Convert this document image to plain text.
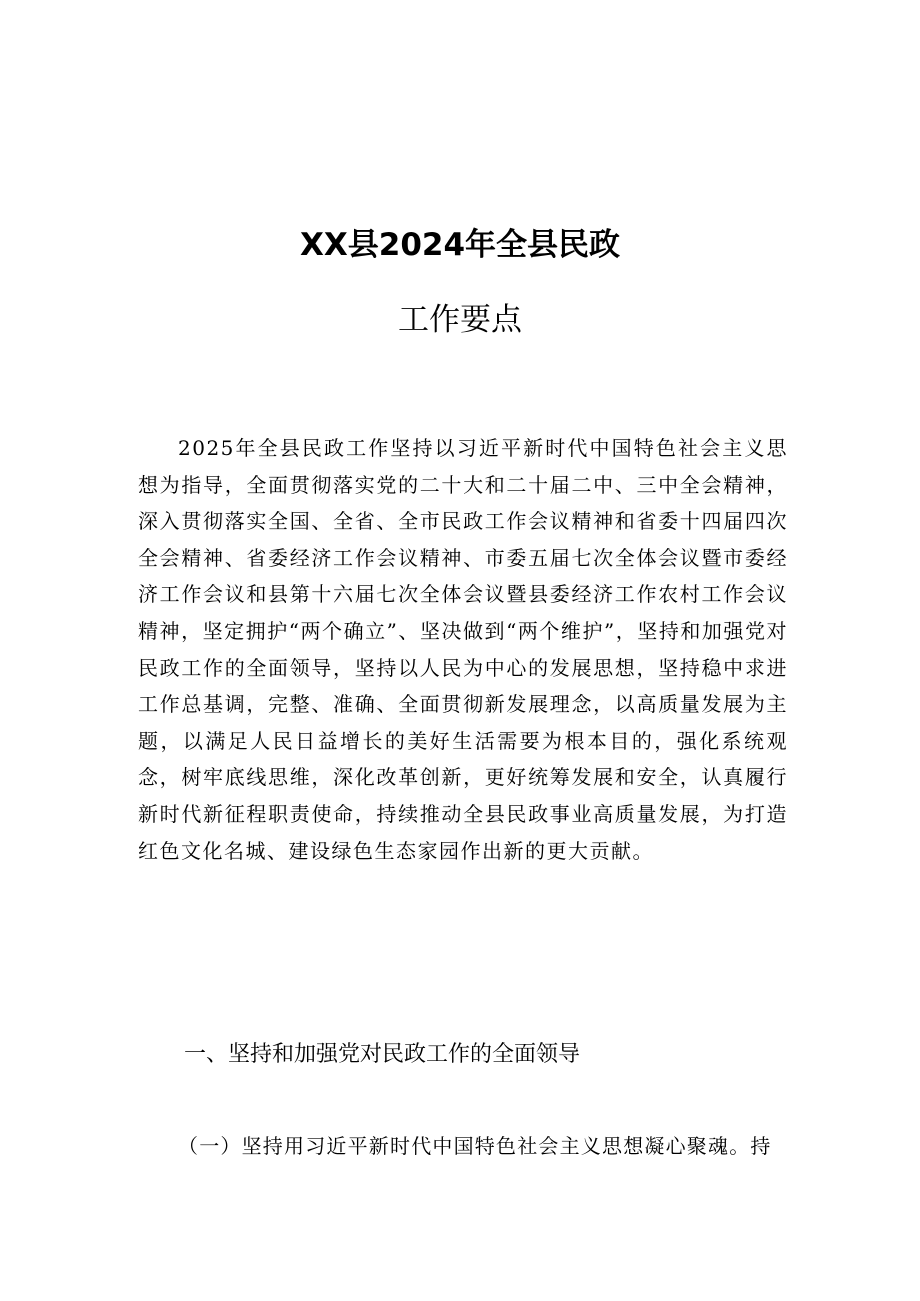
XX县2024年全县民政
工作要点

2025年全县民政工作坚持以习近平新时代中国特色社会主义思想为指导，全面贯彻落实党的二十大和二十届二中、三中全会精神，深入贯彻落实全国、全省、全市民政工作会议精神和省委十四届四次全会精神、省委经济工作会议精神、市委五届七次全体会议暨市委经济工作会议和县第十六届七次全体会议暨县委经济工作农村工作会议精神，坚定拥护“两个确立”、坚决做到“两个维护”，坚持和加强党对民政工作的全面领导，坚持以人民为中心的发展思想，坚持稳中求进工作总基调，完整、准确、全面贯彻新发展理念，以高质量发展为主题，以满足人民日益增长的美好生活需要为根本目的，强化系统观念，树牢底线思维，深化改革创新，更好统筹发展和安全，认真履行新时代新征程职责使命，持续推动全县民政事业高质量发展，为打造红色文化名城、建设绿色生态家园作出新的更大贡献。

一、坚持和加强党对民政工作的全面领导

（一）坚持用习近平新时代中国特色社会主义思想凝心聚魂。持
